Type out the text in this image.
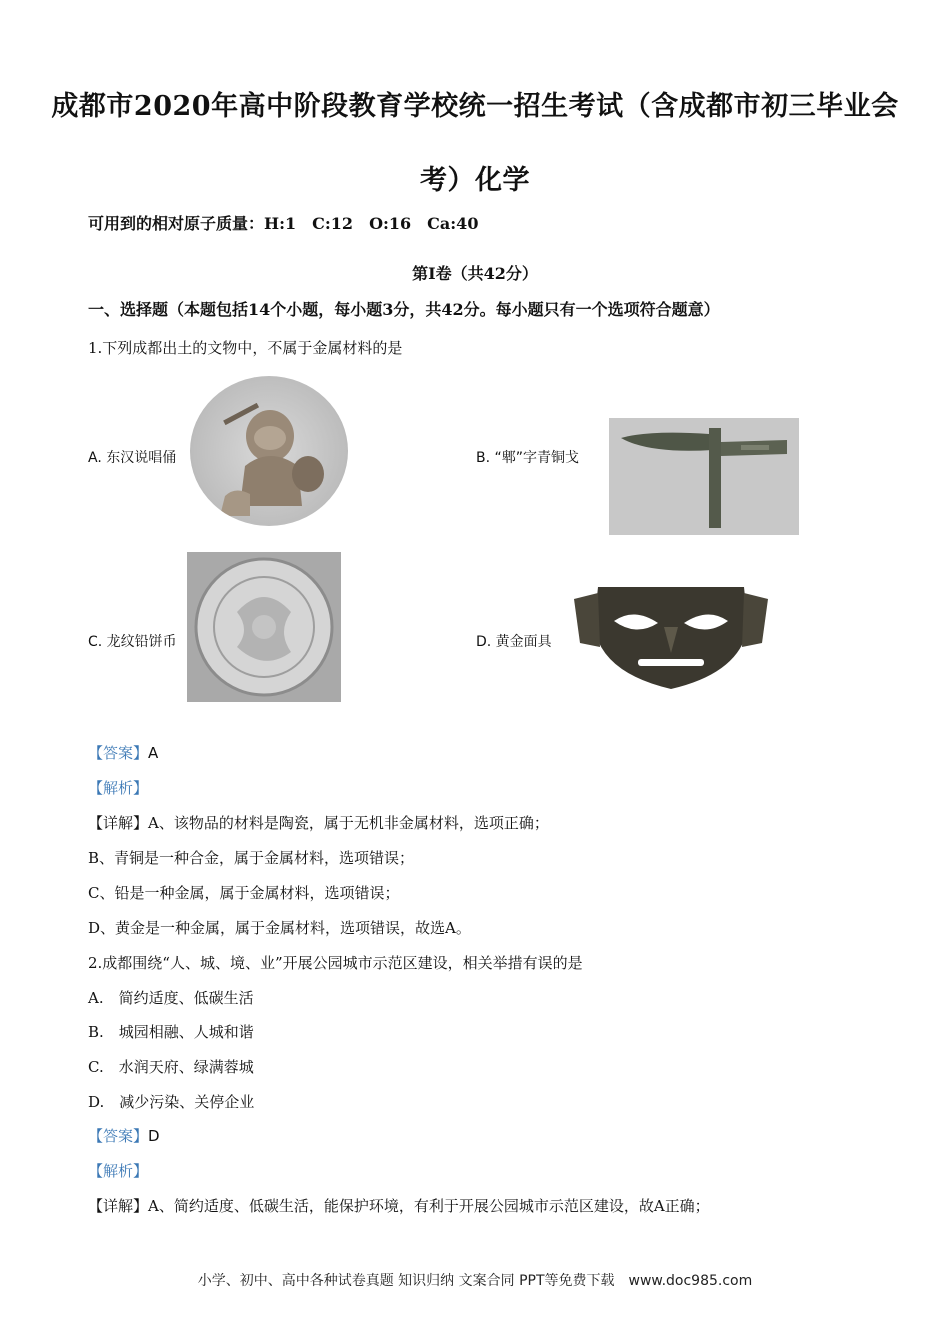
成都市2020年高中阶段教育学校统一招生考试（含成都市初三毕业会
考）化学
可用到的相对原子质量：H:1　C:12　O:16　Ca:40
第Ⅰ卷（共42分）
一、选择题（本题包括14个小题，每小题3分，共42分。每小题只有一个选项符合题意）
1.下列成都出土的文物中，不属于金属材料的是
A. 东汉说唱俑	B. “郫”字青铜戈
C. 龙纹铅饼币	D. 黄金面具
【答案】A
【解析】
【详解】A、该物品的材料是陶瓷，属于无机非金属材料，选项正确；
B、青铜是一种合金，属于金属材料，选项错误；
C、铅是一种金属，属于金属材料，选项错误；
D、黄金是一种金属，属于金属材料，选项错误，故选A。
2.成都围绕“人、城、境、业”开展公园城市示范区建设，相关举措有误的是
A.　简约适度、低碳生活
B.　城园相融、人城和谐
C.　水润天府、绿满蓉城
D.　减少污染、关停企业
【答案】D
【解析】
【详解】A、简约适度、低碳生活，能保护环境，有利于开展公园城市示范区建设，故A正确；
小学、初中、高中各种试卷真题 知识归纳 文案合同 PPT等免费下载　www.doc985.com
